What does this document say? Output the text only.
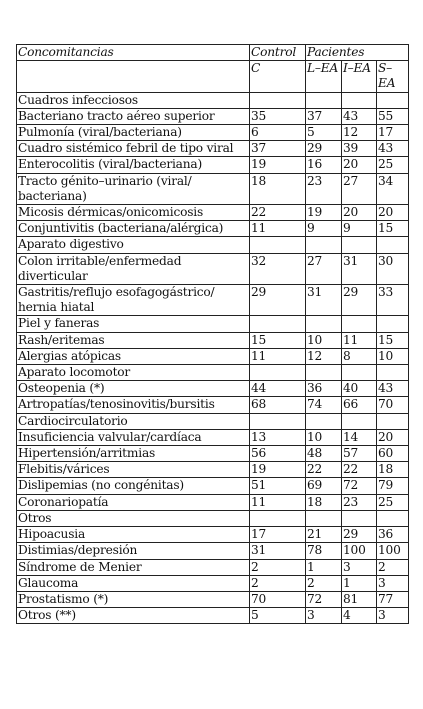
Concomitancias	Control	Pacientes		
	C	L–EA	I–EA	S–EA
Cuadros infecciosos				
Bacteriano tracto aéreo superior	35	37	43	55
Pulmonía (viral/bacteriana)	6	5	12	17
Cuadro sistémico febril de tipo viral	37	29	39	43
Enterocolitis (viral/bacteriana)	19	16	20	25
Tracto génito–urinario (viral/ bacteriana)	18	23	27	34
Micosis dérmicas/onicomicosis	22	19	20	20
Conjuntivitis (bacteriana/alérgica)	11	9	9	15
Aparato digestivo				
Colon irritable/enfermedad diverticular	32	27	31	30
Gastritis/reflujo esofagogástrico/ hernia hiatal	29	31	29	33
Piel y faneras				
Rash/eritemas	15	10	11	15
Alergias atópicas	11	12	8	10
Aparato locomotor				
Osteopenia (*)	44	36	40	43
Artropatías/tenosinovitis/bursitis	68	74	66	70
Cardiocirculatorio				
Insuficiencia valvular/cardíaca	13	10	14	20
Hipertensión/arritmias	56	48	57	60
Flebitis/várices	19	22	22	18
Dislipemias (no congénitas)	51	69	72	79
Coronariopatía	11	18	23	25
Otros				
Hipoacusia	17	21	29	36
Distimias/depresión	31	78	100	100
Síndrome de Menier	2	1	3	2
Glaucoma	2	2	1	3
Prostatismo (*)	70	72	81	77
Otros (**)	5	3	4	3
